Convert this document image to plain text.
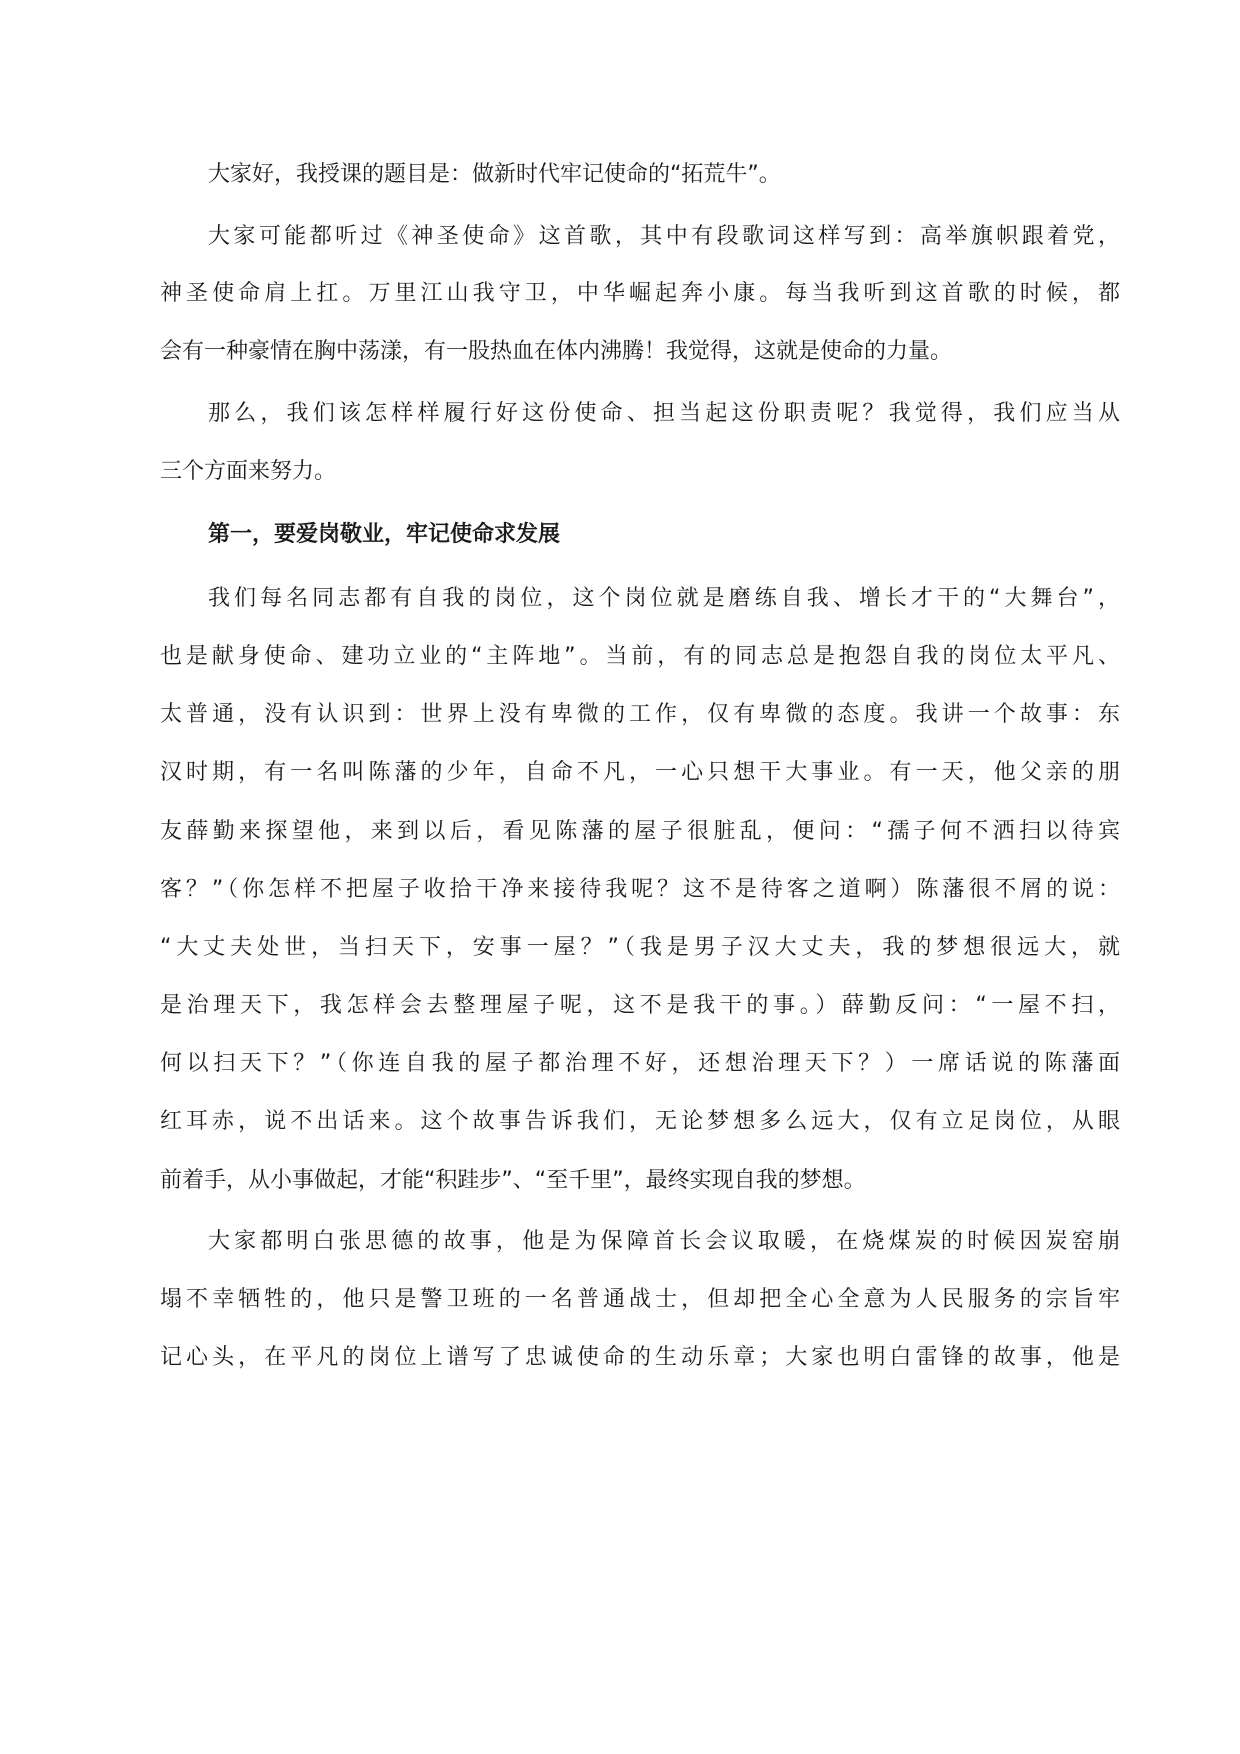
大家好，我授课的题目是：做新时代牢记使命的“拓荒牛”。
大家可能都听过《神圣使命》这首歌，其中有段歌词这样写到：高举旗帜跟着党，
神圣使命肩上扛。万里江山我守卫，中华崛起奔小康。每当我听到这首歌的时候，都
会有一种豪情在胸中荡漾，有一股热血在体内沸腾！我觉得，这就是使命的力量。
那么，我们该怎样样履行好这份使命、担当起这份职责呢？我觉得，我们应当从
三个方面来努力。
第一，要爱岗敬业，牢记使命求发展
我们每名同志都有自我的岗位，这个岗位就是磨练自我、增长才干的“大舞台”，
也是献身使命、建功立业的“主阵地”。当前，有的同志总是抱怨自我的岗位太平凡、
太普通，没有认识到：世界上没有卑微的工作，仅有卑微的态度。我讲一个故事：东
汉时期，有一名叫陈藩的少年，自命不凡，一心只想干大事业。有一天，他父亲的朋
友薛勤来探望他，来到以后，看见陈藩的屋子很脏乱，便问：“孺子何不洒扫以待宾
客？”（你怎样不把屋子收拾干净来接待我呢？这不是待客之道啊）陈藩很不屑的说：
“大丈夫处世，当扫天下，安事一屋？”（我是男子汉大丈夫，我的梦想很远大，就
是治理天下，我怎样会去整理屋子呢，这不是我干的事。）薛勤反问：“一屋不扫，
何以扫天下？”（你连自我的屋子都治理不好，还想治理天下？）一席话说的陈藩面
红耳赤，说不出话来。这个故事告诉我们，无论梦想多么远大，仅有立足岗位，从眼
前着手，从小事做起，才能“积跬步”、“至千里”，最终实现自我的梦想。
大家都明白张思德的故事，他是为保障首长会议取暖，在烧煤炭的时候因炭窑崩
塌不幸牺牲的，他只是警卫班的一名普通战士，但却把全心全意为人民服务的宗旨牢
记心头，在平凡的岗位上谱写了忠诚使命的生动乐章；大家也明白雷锋的故事，他是
